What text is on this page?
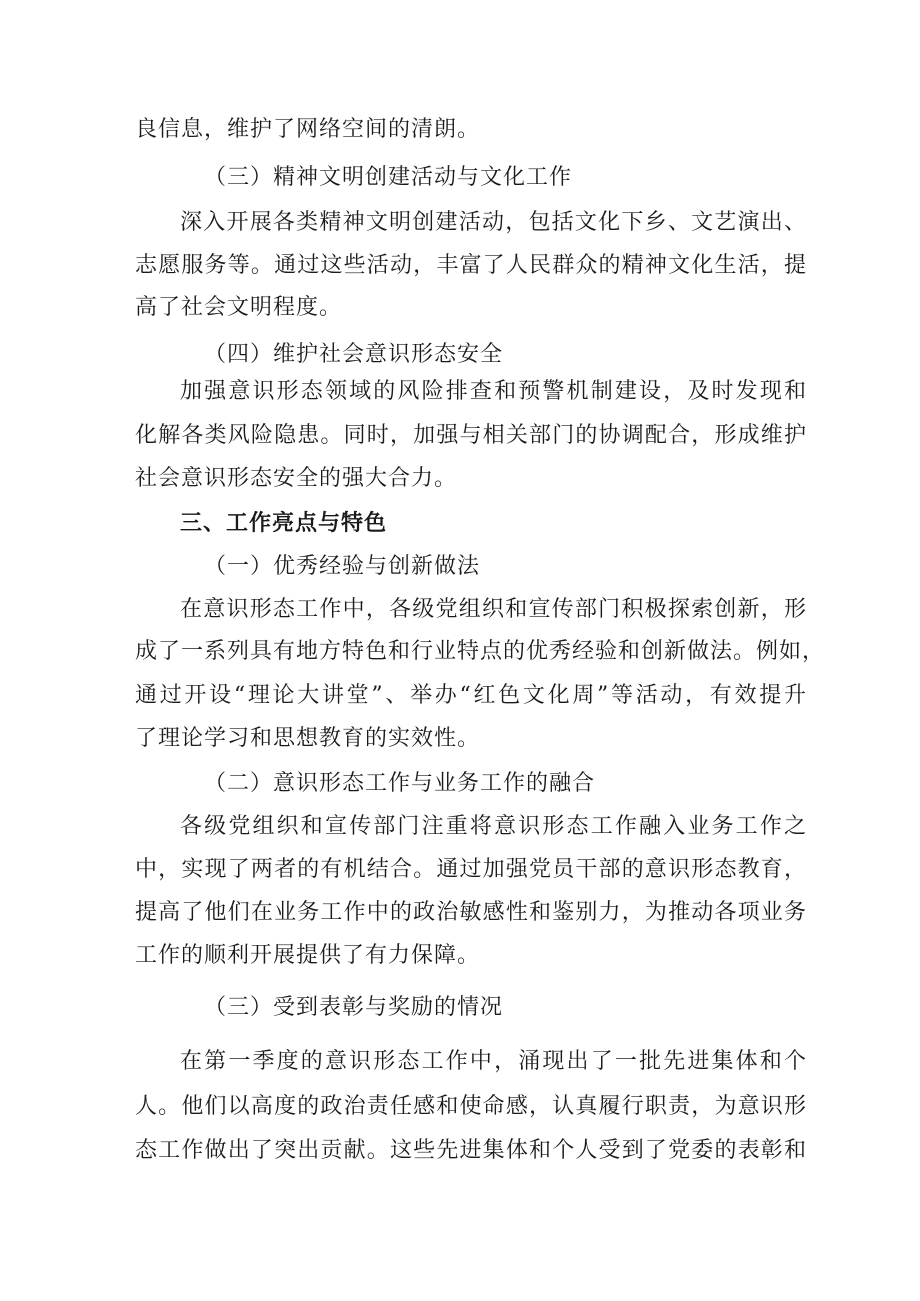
良信息，维护了网络空间的清朗。
（三）精神文明创建活动与文化工作
深入开展各类精神文明创建活动，包括文化下乡、文艺演出、
志愿服务等。通过这些活动，丰富了人民群众的精神文化生活，提
高了社会文明程度。
（四）维护社会意识形态安全
加强意识形态领域的风险排查和预警机制建设，及时发现和
化解各类风险隐患。同时，加强与相关部门的协调配合，形成维护
社会意识形态安全的强大合力。
三、工作亮点与特色
（一）优秀经验与创新做法
在意识形态工作中，各级党组织和宣传部门积极探索创新，形
成了一系列具有地方特色和行业特点的优秀经验和创新做法。例如，
通过开设“理论大讲堂”、举办“红色文化周”等活动，有效提升
了理论学习和思想教育的实效性。
（二）意识形态工作与业务工作的融合
各级党组织和宣传部门注重将意识形态工作融入业务工作之
中，实现了两者的有机结合。通过加强党员干部的意识形态教育，
提高了他们在业务工作中的政治敏感性和鉴别力，为推动各项业务
工作的顺利开展提供了有力保障。
（三）受到表彰与奖励的情况
在第一季度的意识形态工作中，涌现出了一批先进集体和个
人。他们以高度的政治责任感和使命感，认真履行职责，为意识形
态工作做出了突出贡献。这些先进集体和个人受到了党委的表彰和
